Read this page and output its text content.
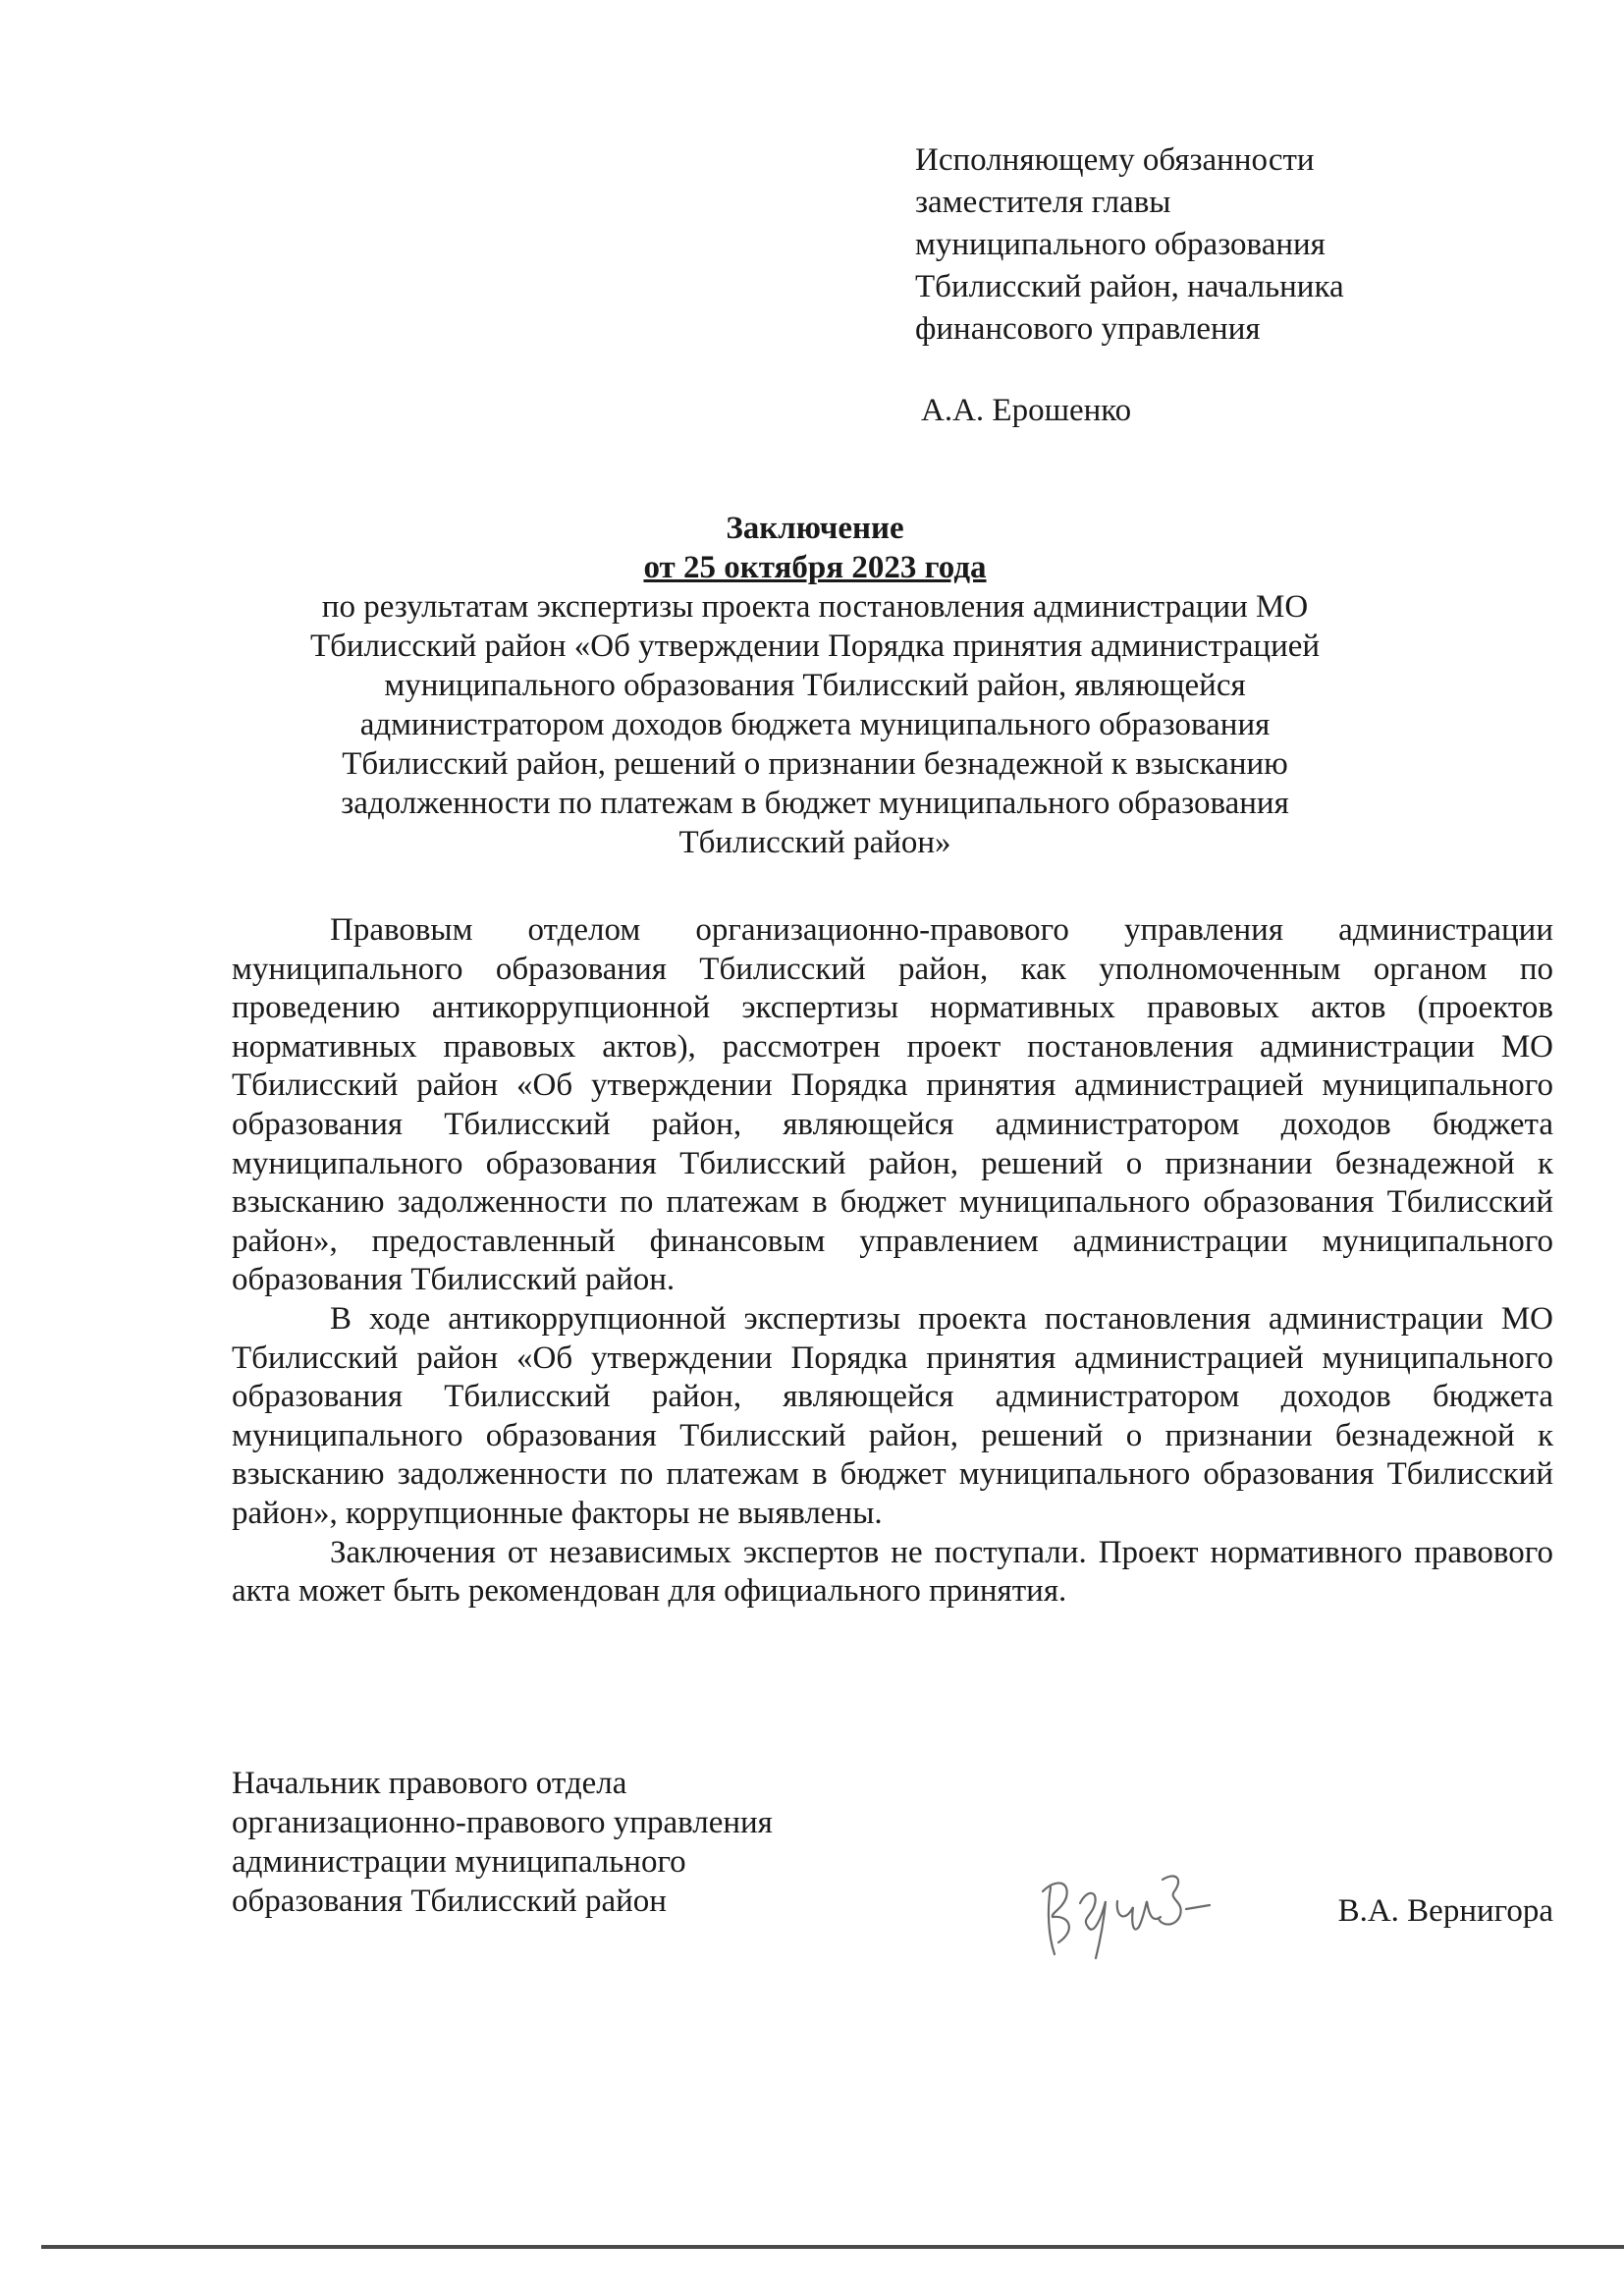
Исполняющему обязанности
заместителя главы
муниципального образования
Тбилисский район, начальника
финансового управления
А.А. Ерошенко
Заключение
от 25 октября 2023 года
по результатам экспертизы проекта постановления администрации МО
Тбилисский район «Об утверждении Порядка принятия администрацией
муниципального образования Тбилисский район, являющейся
администратором доходов бюджета муниципального образования
Тбилисский район, решений о признании безнадежной к взысканию
задолженности по платежам в бюджет муниципального образования
Тбилисский район»

Правовым отделом организационно-правового управления администрации муниципального образования Тбилисский район, как уполномоченным органом по проведению антикоррупционной экспертизы нормативных правовых актов (проектов нормативных правовых актов), рассмотрен проект постановления администрации МО Тбилисский район «Об утверждении Порядка принятия администрацией муниципального образования Тбилисский район, являющейся администратором доходов бюджета муниципального образования Тбилисский район, решений о признании безнадежной к взысканию задолженности по платежам в бюджет муниципального образования Тбилисский район», предоставленный финансовым управлением администрации муниципального образования Тбилисский район.

В ходе антикоррупционной экспертизы проекта постановления администрации МО Тбилисский район «Об утверждении Порядка принятия администрацией муниципального образования Тбилисский район, являющейся администратором доходов бюджета муниципального образования Тбилисский район, решений о признании безнадежной к взысканию задолженности по платежам в бюджет муниципального образования Тбилисский район», коррупционные факторы не выявлены.

Заключения от независимых экспертов не поступали. Проект нормативного правового акта может быть рекомендован для официального принятия.

Начальник правового отдела
организационно-правового управления
администрации муниципального
образования Тбилисский район	В.А. Вернигора
